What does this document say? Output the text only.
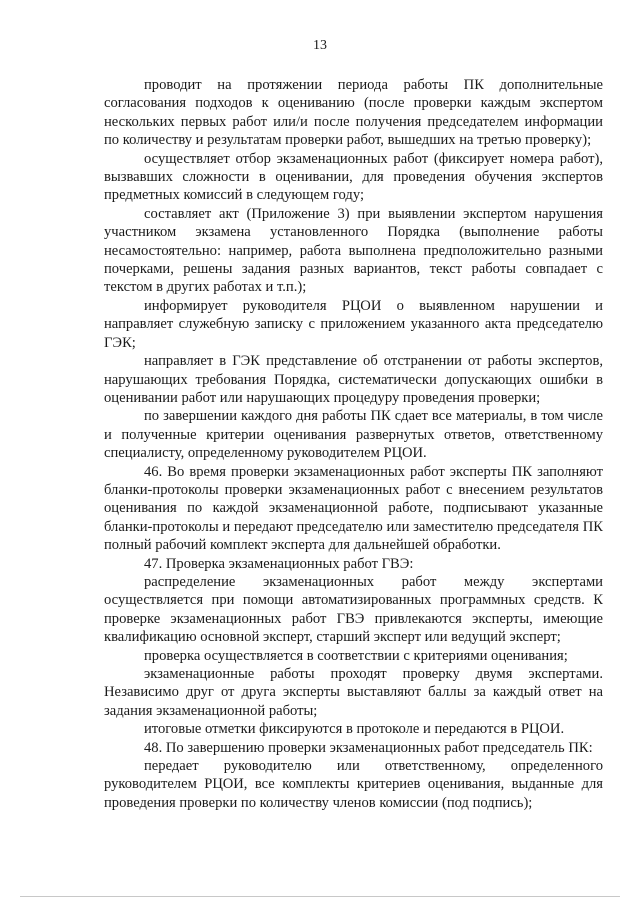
13

проводит на протяжении периода работы ПК дополнительные согласования подходов к оцениванию (после проверки каждым экспертом нескольких первых работ или/и после получения председателем информации по количеству и результатам проверки работ, вышедших на третью проверку);

осуществляет отбор экзаменационных работ (фиксирует номера работ), вызвавших сложности в оценивании, для проведения обучения экспертов предметных комиссий в следующем году;

составляет акт (Приложение 3) при выявлении экспертом нарушения участником экзамена установленного Порядка (выполнение работы несамостоятельно: например, работа выполнена предположительно разными почерками, решены задания разных вариантов, текст работы совпадает с текстом в других работах и т.п.);

информирует руководителя РЦОИ о выявленном нарушении и направляет служебную записку с приложением указанного акта председателю ГЭК;

направляет в ГЭК представление об отстранении от работы экспертов, нарушающих требования Порядка, систематически допускающих ошибки в оценивании работ или нарушающих процедуру проведения проверки;

по завершении каждого дня работы ПК сдает все материалы, в том числе и полученные критерии оценивания развернутых ответов, ответственному специалисту, определенному руководителем РЦОИ.

46. Во время проверки экзаменационных работ эксперты ПК заполняют бланки-протоколы проверки экзаменационных работ с внесением результатов оценивания по каждой экзаменационной работе, подписывают указанные бланки-протоколы и передают председателю или заместителю председателя ПК полный рабочий комплект эксперта для дальнейшей обработки.

47. Проверка экзаменационных работ ГВЭ:

распределение экзаменационных работ между экспертами осуществляется при помощи автоматизированных программных средств. К проверке экзаменационных работ ГВЭ привлекаются эксперты, имеющие квалификацию основной эксперт, старший эксперт или ведущий эксперт;

проверка осуществляется в соответствии с критериями оценивания;

экзаменационные работы проходят проверку двумя экспертами. Независимо друг от друга эксперты выставляют баллы за каждый ответ на задания экзаменационной работы;

итоговые отметки фиксируются в протоколе и передаются в РЦОИ.

48. По завершению проверки экзаменационных работ председатель ПК:

передает руководителю или ответственному, определенного руководителем РЦОИ, все комплекты критериев оценивания, выданные для проведения проверки по количеству членов комиссии (под подпись);
